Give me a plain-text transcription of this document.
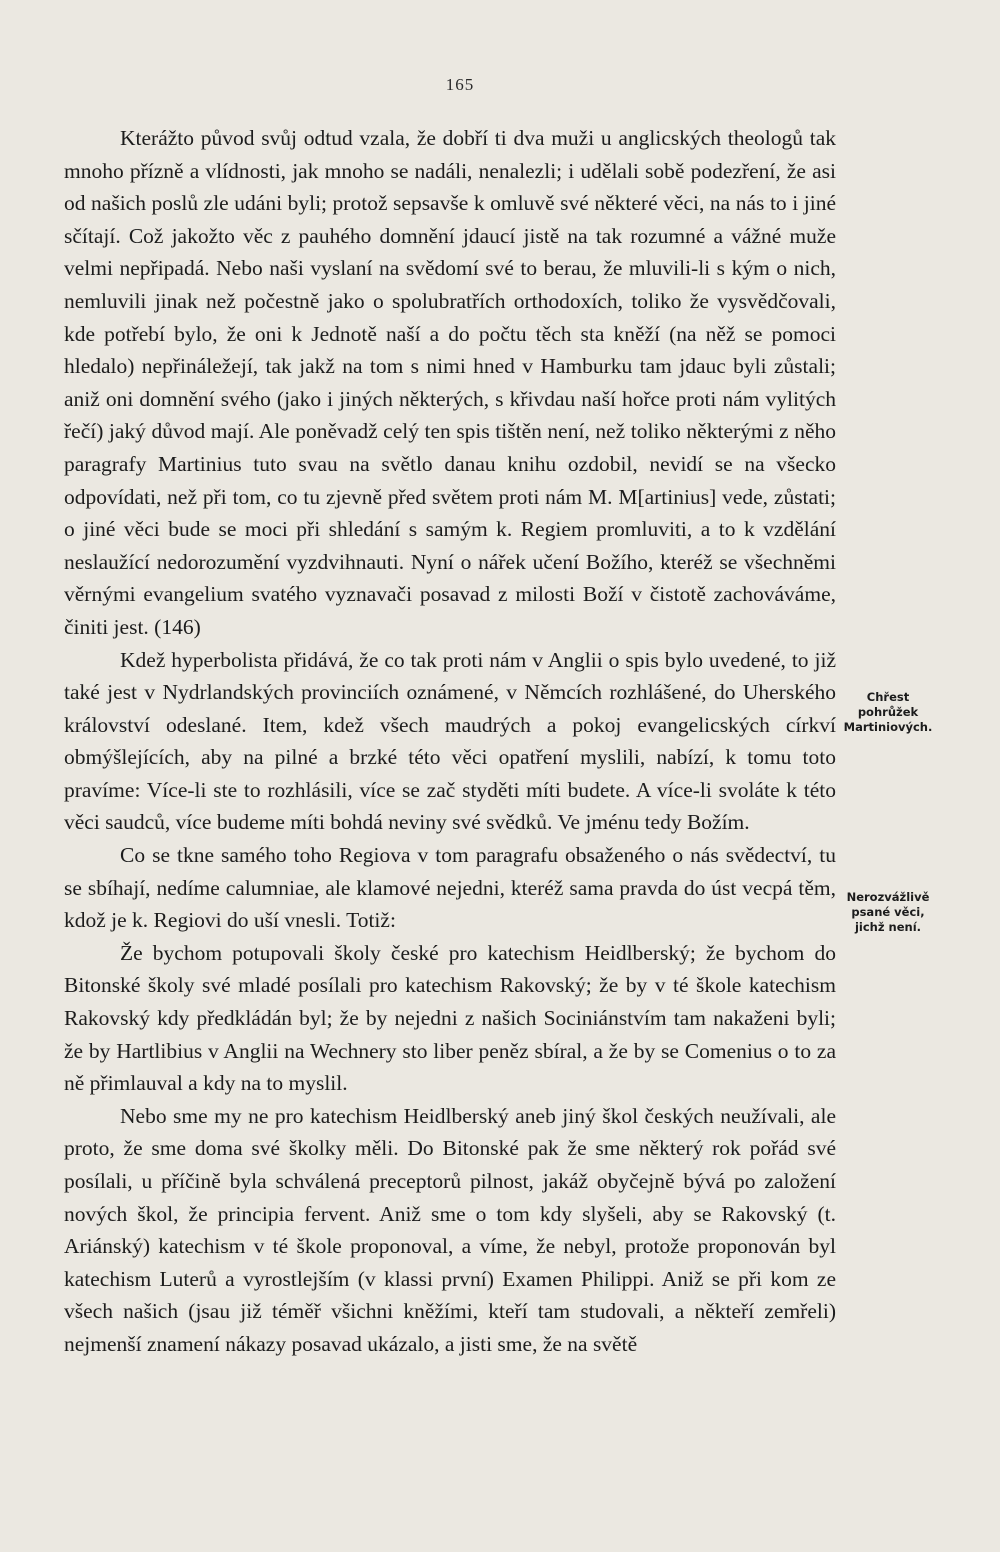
165

Kterážto původ svůj odtud vzala, že dobří ti dva muži u anglicských theologů tak mnoho přízně a vlídnosti, jak mnoho se nadáli, nenalezli; i udělali sobě podezření, že asi od našich poslů zle udáni byli; protož sepsavše k omluvě své některé věci, na nás to i jiné sčítají. Což jakožto věc z pauhého domnění jdaucí jistě na tak rozumné a vážné muže velmi nepřipadá. Nebo naši vyslaní na svědomí své to berau, že mluvili-li s kým o nich, nemluvili jinak než počestně jako o spolubratřích orthodoxích, toliko že vysvědčovali, kde potřebí bylo, že oni k Jednotě naší a do počtu těch sta kněží (na něž se pomoci hledalo) nepřináležejí, tak jakž na tom s nimi hned v Hamburku tam jdauc byli zůstali; aniž oni domnění svého (jako i jiných některých, s křivdau naší hořce proti nám vylitých řečí) jaký důvod mají. Ale poněvadž celý ten spis tištěn není, než toliko některými z něho paragrafy Martinius tuto svau na světlo danau knihu ozdobil, nevidí se na všecko odpovídati, než při tom, co tu zjevně před světem proti nám M. M[artinius] vede, zůstati; o jiné věci bude se moci při shledání s samým k. Regiem promluviti, a to k vzdělání neslaužící nedorozumění vyzdvihnauti. Nyní o nářek učení Božího, kteréž se všechněmi věrnými evangelium svatého vyznavači posavad z milosti Boží v čistotě zachováváme, činiti jest. (146)

Kdež hyperbolista přidává, že co tak proti nám v Anglii o spis bylo uvedené, to již také jest v Nydrlandských provinciích oznámené, v Němcích rozhlášené, do Uherského království odeslané. Item, kdež všech maudrých a pokoj evangelicských církví obmýšlejících, aby na pilné a brzké této věci opatření myslili, nabízí, k tomu toto pravíme: Více-li ste to rozhlásili, více se zač styděti míti budete. A více-li svoláte k této věci saudců, více budeme míti bohdá neviny své svědků. Ve jménu tedy Božím.

Co se tkne samého toho Regiova v tom paragrafu obsaženého o nás svědectví, tu se sbíhají, nedíme calumniae, ale klamové nejedni, kteréž sama pravda do úst vecpá těm, kdož je k. Regiovi do uší vnesli. Totiž:

Že bychom potupovali školy české pro katechism Heidlberský; že bychom do Bitonské školy své mladé posílali pro katechism Rakovský; že by v té škole katechism Rakovský kdy předkládán byl; že by nejedni z našich Sociniánstvím tam nakaženi byli; že by Hartlibius v Anglii na Wechnery sto liber peněz sbíral, a že by se Comenius o to za ně přimlauval a kdy na to myslil.

Nebo sme my ne pro katechism Heidlberský aneb jiný škol českých neužívali, ale proto, že sme doma své školky měli. Do Bitonské pak že sme některý rok pořád své posílali, u příčině byla schválená preceptorů pilnost, jakáž obyčejně bývá po založení nových škol, že principia fervent. Aniž sme o tom kdy slyšeli, aby se Rakovský (t. Ariánský) katechism v té škole proponoval, a víme, že nebyl, protože proponován byl katechism Luterů a vyrostlejším (v klassi první) Examen Philippi. Aniž se při kom ze všech našich (jsau již téměř všichni kněžími, kteří tam studovali, a někteří zemřeli) nejmenší znamení nákazy posavad ukázalo, a jisti sme, že na světě

Chřest pohrůžek Martiniových.
Nerozvážlivě psané věci, jichž není.
